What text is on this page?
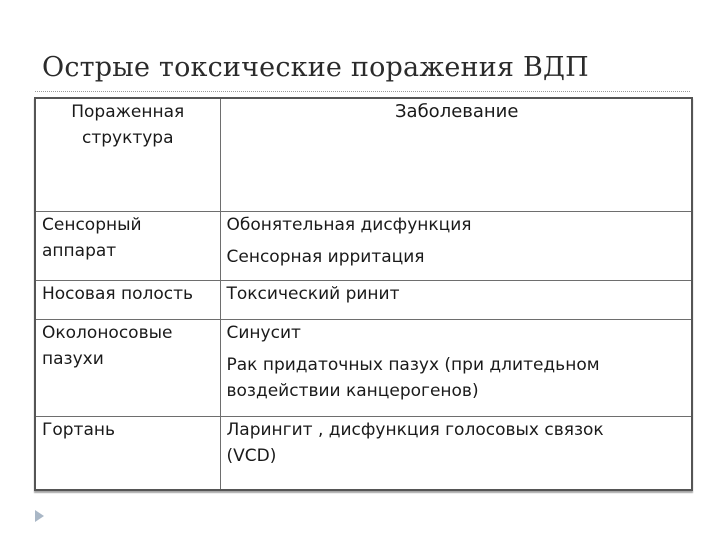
Острые токсические поражения ВДП
Пораженная
структура	Заболевание

Сенсорный
аппарат	Обонятельная дисфункция
Сенсорная ирритация

Носовая полость	Токсический ринит

Околоносовые
пазухи	Синусит
Рак придаточных пазух (при длитедьном
воздействии канцерогенов)

Гортань	Ларингит , дисфункция голосовых связок
(VCD)
